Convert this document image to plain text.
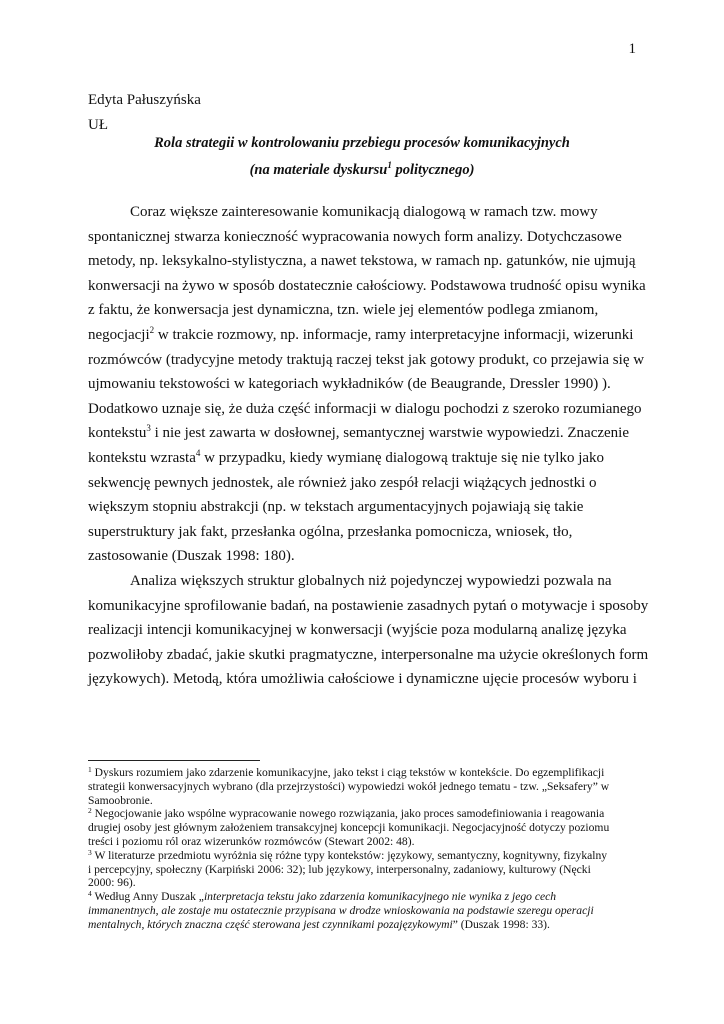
1
Edyta Pałuszyńska
UŁ
Rola strategii w kontrolowaniu przebiegu procesów komunikacyjnych
(na materiale dyskursu$^1$ politycznego)
Coraz większe zainteresowanie komunikacją dialogową w ramach tzw. mowy
spontanicznej stwarza konieczność wypracowania nowych form analizy. Dotychczasowe
metody, np. leksykalno-stylistyczna, a nawet tekstowa, w ramach np. gatunków, nie ujmują
konwersacji na żywo w sposób dostatecznie całościowy. Podstawowa trudność opisu wynika
z faktu, że konwersacja jest dynamiczna, tzn. wiele jej elementów podlega zmianom,
negocjacji$^2$ w trakcie rozmowy, np. informacje, ramy interpretacyjne informacji, wizerunki
rozmówców (tradycyjne metody traktują raczej tekst jak gotowy produkt, co przejawia się w
ujmowaniu tekstowości w kategoriach wykładników (de Beaugrande, Dressler 1990) ).
Dodatkowo uznaje się, że duża część informacji w dialogu pochodzi z szeroko rozumianego
kontekstu$^3$ i nie jest zawarta w dosłownej, semantycznej warstwie wypowiedzi. Znaczenie
kontekstu wzrasta$^4$ w przypadku, kiedy wymianę dialogową traktuje się nie tylko jako
sekwencję pewnych jednostek, ale również jako zespół relacji wiążących jednostki o
większym stopniu abstrakcji (np. w tekstach argumentacyjnych pojawiają się takie
superstruktury jak fakt, przesłanka ogólna, przesłanka pomocnicza, wniosek, tło,
zastosowanie (Duszak 1998: 180).
Analiza większych struktur globalnych niż pojedynczej wypowiedzi pozwala na
komunikacyjne sprofilowanie badań, na postawienie zasadnych pytań o motywacje i sposoby
realizacji intencji komunikacyjnej w konwersacji (wyjście poza modularną analizę języka
pozwoliłoby zbadać, jakie skutki pragmatyczne, interpersonalne ma użycie określonych form
językowych). Metodą, która umożliwia całościowe i dynamiczne ujęcie procesów wyboru i
$^1$ Dyskurs rozumiem jako zdarzenie komunikacyjne, jako tekst i ciąg tekstów w kontekście. Do egzemplifikacji
strategii konwersacyjnych wybrano (dla przejrzystości) wypowiedzi wokół jednego tematu - tzw. „Seksafery” w
Samoobronie.
$^2$ Negocjowanie jako wspólne wypracowanie nowego rozwiązania, jako proces samodefiniowania i reagowania
drugiej osoby jest głównym założeniem transakcyjnej koncepcji komunikacji. Negocjacyjność dotyczy poziomu
treści i poziomu ról oraz wizerunków rozmówców (Stewart 2002: 48).
$^3$ W literaturze przedmiotu wyróżnia się różne typy kontekstów: językowy, semantyczny, kognitywny, fizykalny
i percepcyjny, społeczny (Karpiński 2006: 32); lub językowy, interpersonalny, zadaniowy, kulturowy (Nęcki
2000: 96).
$^4$ Według Anny Duszak „interpretacja tekstu jako zdarzenia komunikacyjnego nie wynika z jego cech
immanentnych, ale zostaje mu ostatecznie przypisana w drodze wnioskowania na podstawie szeregu operacji
mentalnych, których znaczna część sterowana jest czynnikami pozajęzykowymi” (Duszak 1998: 33).
